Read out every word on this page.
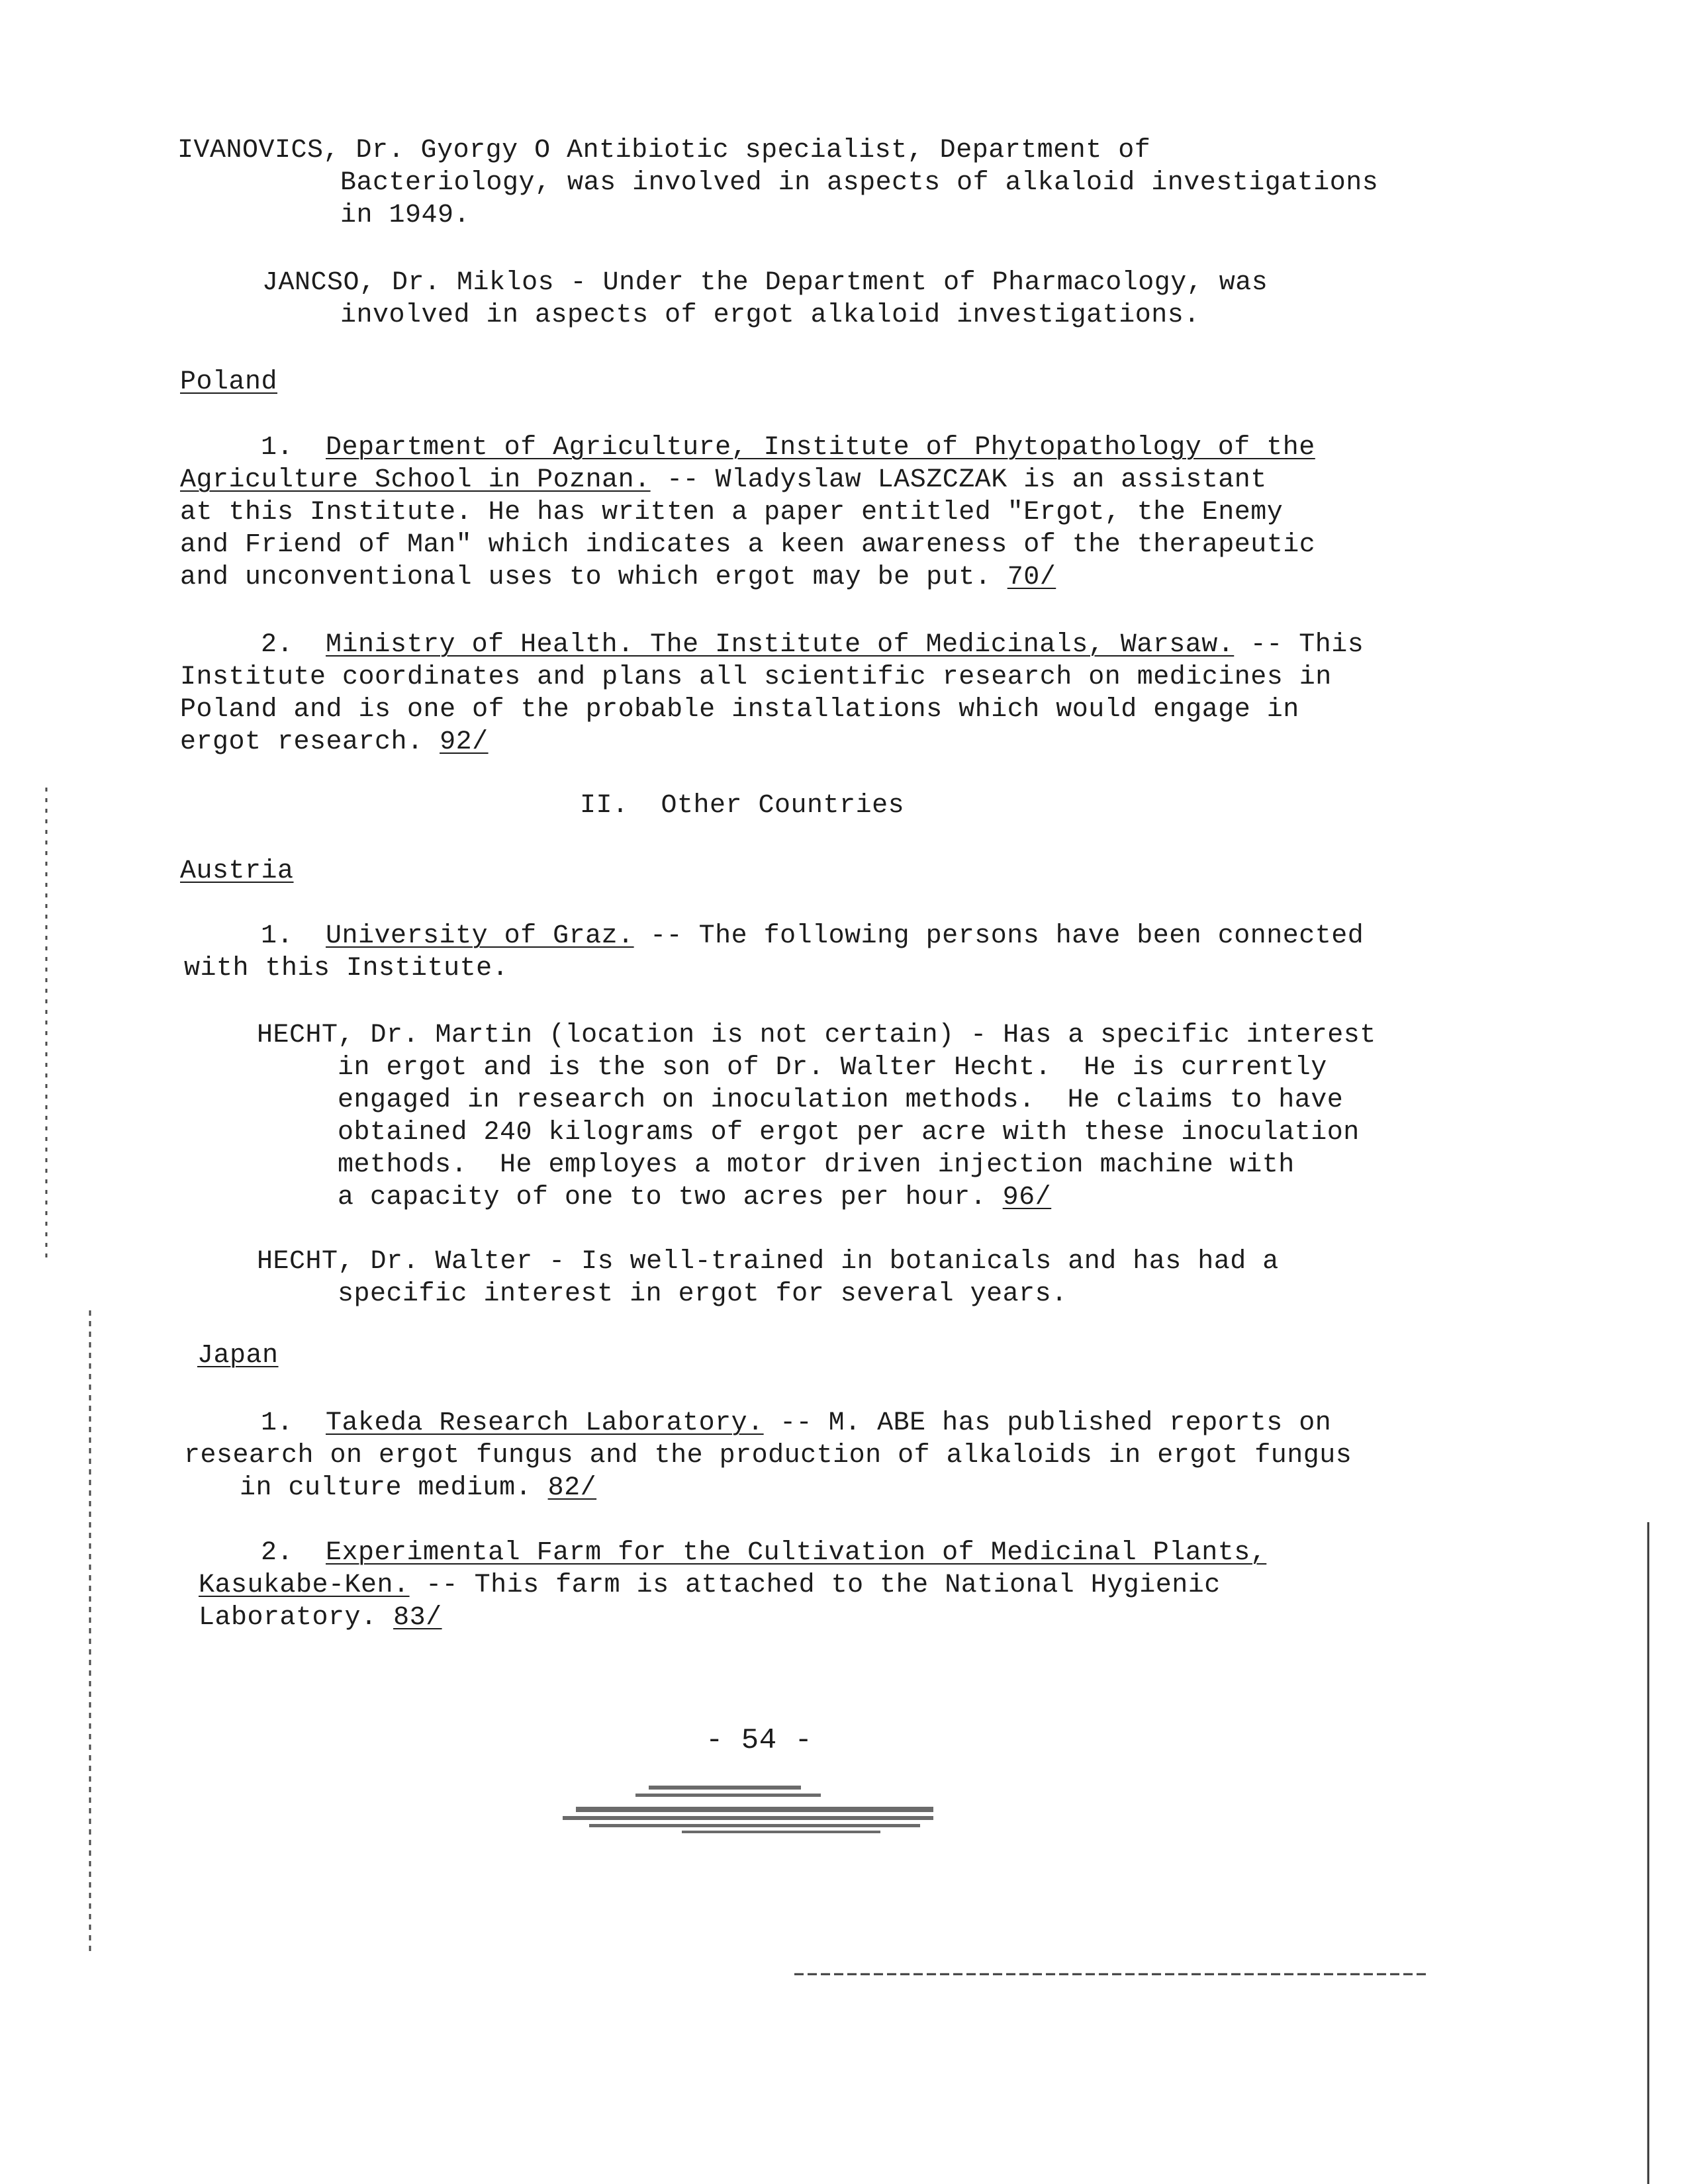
IVANOVICS, Dr. Gyorgy O Antibiotic specialist, Department of
Bacteriology, was involved in aspects of alkaloid investigations
in 1949.
JANCSO, Dr. Miklos - Under the Department of Pharmacology, was
involved in aspects of ergot alkaloid investigations.
Poland
1. Department of Agriculture, Institute of Phytopathology of the
Agriculture School in Poznan. -- Wladyslaw LASZCZAK is an assistant
at this Institute. He has written a paper entitled "Ergot, the Enemy
and Friend of Man" which indicates a keen awareness of the therapeutic
and unconventional uses to which ergot may be put. 70/
2. Ministry of Health. The Institute of Medicinals, Warsaw. -- This
Institute coordinates and plans all scientific research on medicines in
Poland and is one of the probable installations which would engage in
ergot research. 92/
II.  Other Countries
Austria
1. University of Graz. -- The following persons have been connected
with this Institute.
HECHT, Dr. Martin (location is not certain) - Has a specific interest
in ergot and is the son of Dr. Walter Hecht.  He is currently
engaged in research on inoculation methods.  He claims to have
obtained 240 kilograms of ergot per acre with these inoculation
methods.  He employes a motor driven injection machine with
a capacity of one to two acres per hour. 96/
HECHT, Dr. Walter - Is well-trained in botanicals and has had a
specific interest in ergot for several years.
Japan
1. Takeda Research Laboratory. -- M. ABE has published reports on
research on ergot fungus and the production of alkaloids in ergot fungus
in culture medium. 82/
2. Experimental Farm for the Cultivation of Medicinal Plants,
Kasukabe-Ken. -- This farm is attached to the National Hygienic
Laboratory. 83/
- 54 -
